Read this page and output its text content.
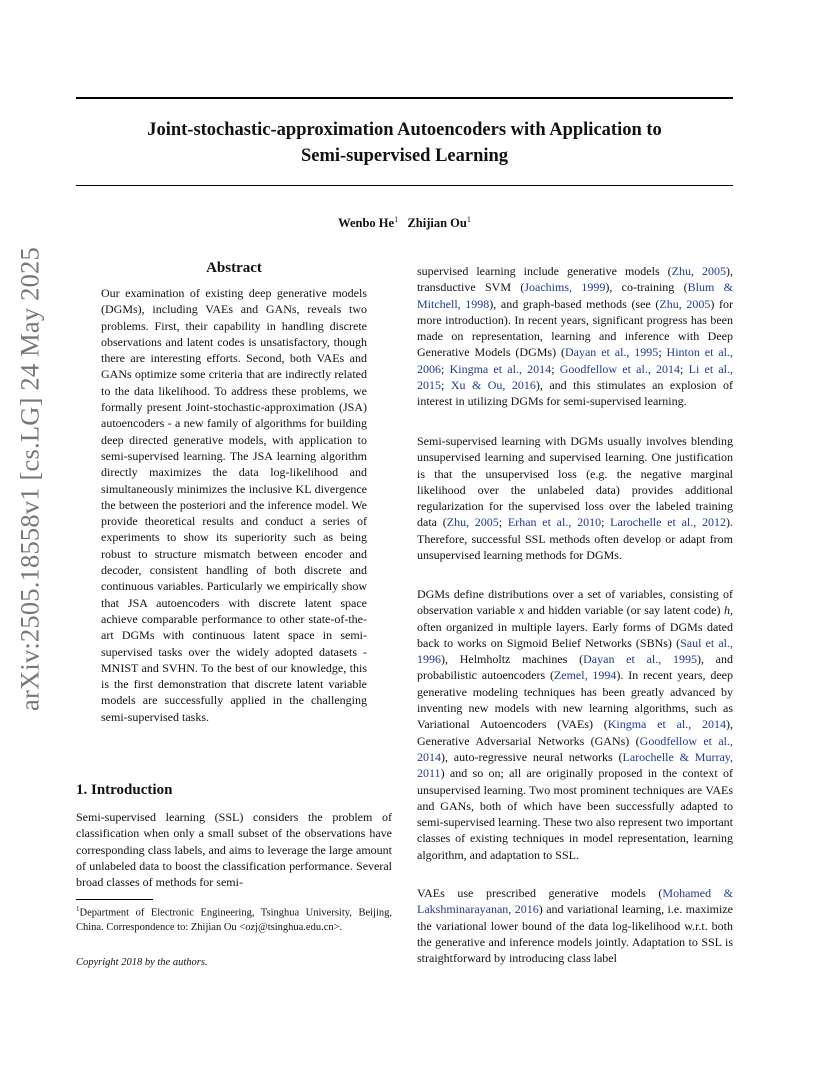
arXiv:2505.18558v1 [cs.LG] 24 May 2025
Joint-stochastic-approximation Autoencoders with Application to
Semi-supervised Learning
Wenbo He$^1$ Zhijian Ou$^1$
Abstract

Our examination of existing deep generative models (DGMs), including VAEs and GANs, reveals two problems. First, their capability in handling discrete observations and latent codes is unsatisfactory, though there are interesting efforts. Second, both VAEs and GANs optimize some criteria that are indirectly related to the data likelihood. To address these problems, we formally present Joint-stochastic-approximation (JSA) autoencoders - a new family of algorithms for building deep directed generative models, with application to semi-supervised learning. The JSA learning algorithm directly maximizes the data log-likelihood and simultaneously minimizes the inclusive KL divergence the between the posteriori and the inference model. We provide theoretical results and conduct a series of experiments to show its superiority such as being robust to structure mismatch between encoder and decoder, consistent handling of both discrete and continuous variables. Particularly we empirically show that JSA autoencoders with discrete latent space achieve comparable performance to other state-of-the-art DGMs with continuous latent space in semi-supervised tasks over the widely adopted datasets - MNIST and SVHN. To the best of our knowledge, this is the first demonstration that discrete latent variable models are successfully applied in the challenging semi-supervised tasks.

1. Introduction

Semi-supervised learning (SSL) considers the problem of classification when only a small subset of the observations have corresponding class labels, and aims to leverage the large amount of unlabeled data to boost the classification performance. Several broad classes of methods for semi-

$^1$Department of Electronic Engineering, Tsinghua University, Beijing, China. Correspondence to: Zhijian Ou <ozj@tsinghua.edu.cn>.

Copyright 2018 by the authors.

supervised learning include generative models (Zhu, 2005), transductive SVM (Joachims, 1999), co-training (Blum & Mitchell, 1998), and graph-based methods (see (Zhu, 2005) for more introduction). In recent years, significant progress has been made on representation, learning and inference with Deep Generative Models (DGMs) (Dayan et al., 1995; Hinton et al., 2006; Kingma et al., 2014; Goodfellow et al., 2014; Li et al., 2015; Xu & Ou, 2016), and this stimulates an explosion of interest in utilizing DGMs for semi-supervised learning.

Semi-supervised learning with DGMs usually involves blending unsupervised learning and supervised learning. One justification is that the unsupervised loss (e.g. the negative marginal likelihood over the unlabeled data) provides additional regularization for the supervised loss over the labeled training data (Zhu, 2005; Erhan et al., 2010; Larochelle et al., 2012). Therefore, successful SSL methods often develop or adapt from unsupervised learning methods for DGMs.

DGMs define distributions over a set of variables, consisting of observation variable x and hidden variable (or say latent code) h, often organized in multiple layers. Early forms of DGMs dated back to works on Sigmoid Belief Networks (SBNs) (Saul et al., 1996), Helmholtz machines (Dayan et al., 1995), and probabilistic autoencoders (Zemel, 1994). In recent years, deep generative modeling techniques has been greatly advanced by inventing new models with new learning algorithms, such as Variational Autoencoders (VAEs) (Kingma et al., 2014), Generative Adversarial Networks (GANs) (Goodfellow et al., 2014), auto-regressive neural networks (Larochelle & Murray, 2011) and so on; all are originally proposed in the context of unsupervised learning. Two most prominent techniques are VAEs and GANs, both of which have been successfully adapted to semi-supervised learning. These two also represent two important classes of existing techniques in model representation, learning algorithm, and adaptation to SSL.

VAEs use prescribed generative models (Mohamed & Lakshminarayanan, 2016) and variational learning, i.e. maximize the variational lower bound of the data log-likelihood w.r.t. both the generative and inference models jointly. Adaptation to SSL is straightforward by introducing class label
